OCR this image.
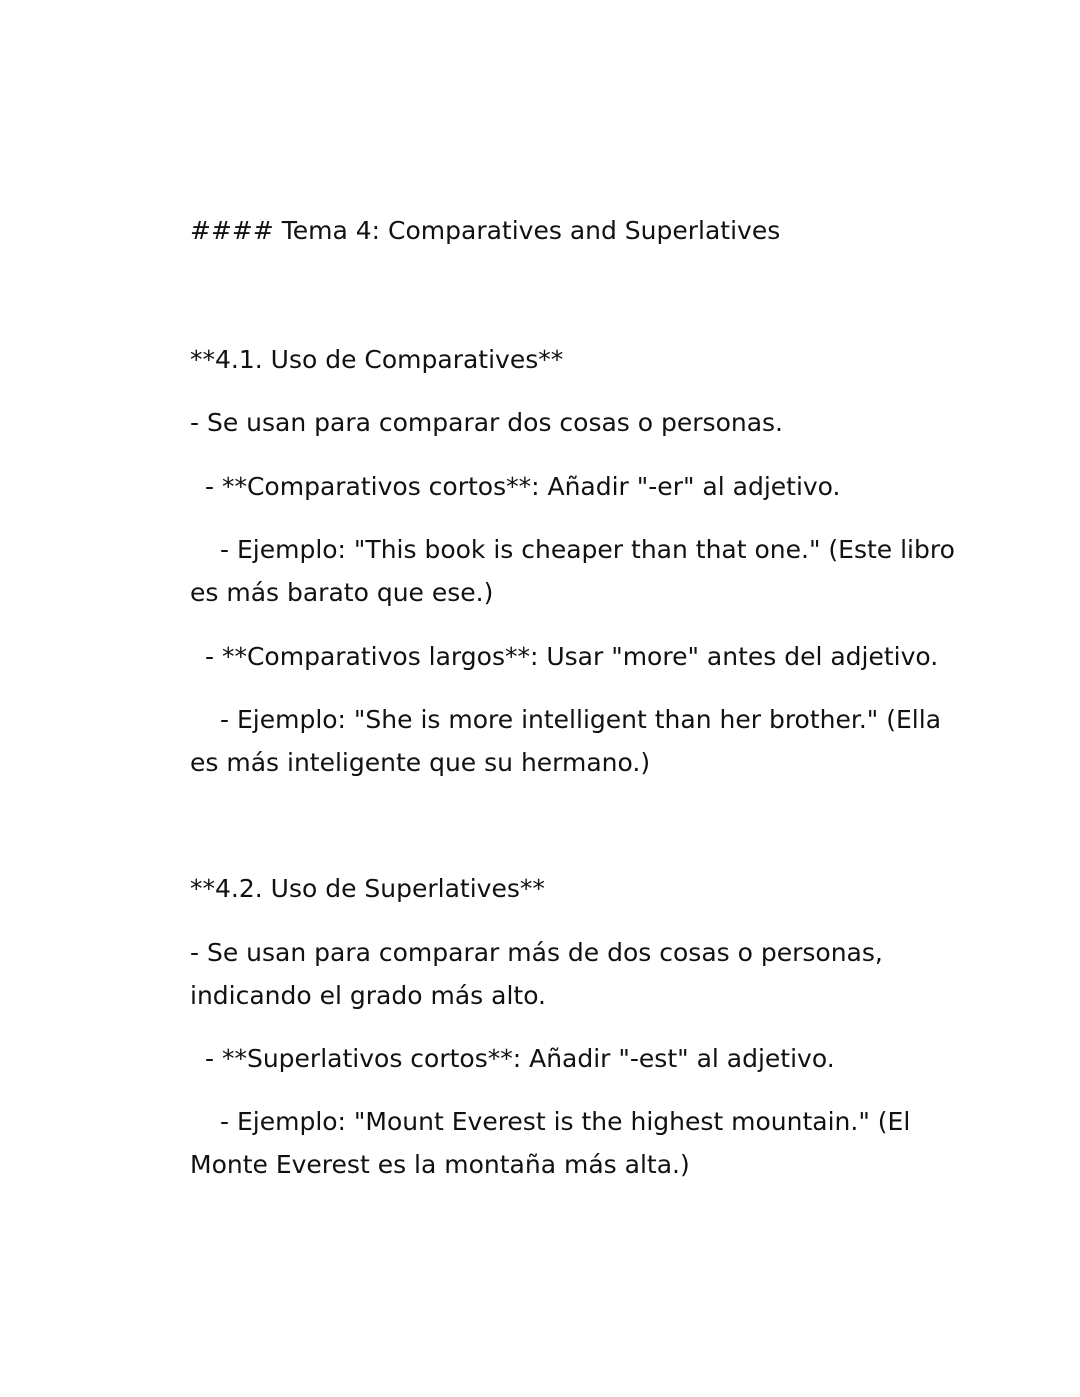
#### Tema 4: Comparatives and Superlatives
**4.1. Uso de Comparatives**
- Se usan para comparar dos cosas o personas.
- **Comparativos cortos**: Añadir "-er" al adjetivo.
- Ejemplo: "This book is cheaper than that one." (Este libro es más barato que ese.)
- **Comparativos largos**: Usar "more" antes del adjetivo.
- Ejemplo: "She is more intelligent than her brother." (Ella es más inteligente que su hermano.)
**4.2. Uso de Superlatives**
- Se usan para comparar más de dos cosas o personas, indicando el grado más alto.
- **Superlativos cortos**: Añadir "-est" al adjetivo.
- Ejemplo: "Mount Everest is the highest mountain." (El Monte Everest es la montaña más alta.)
